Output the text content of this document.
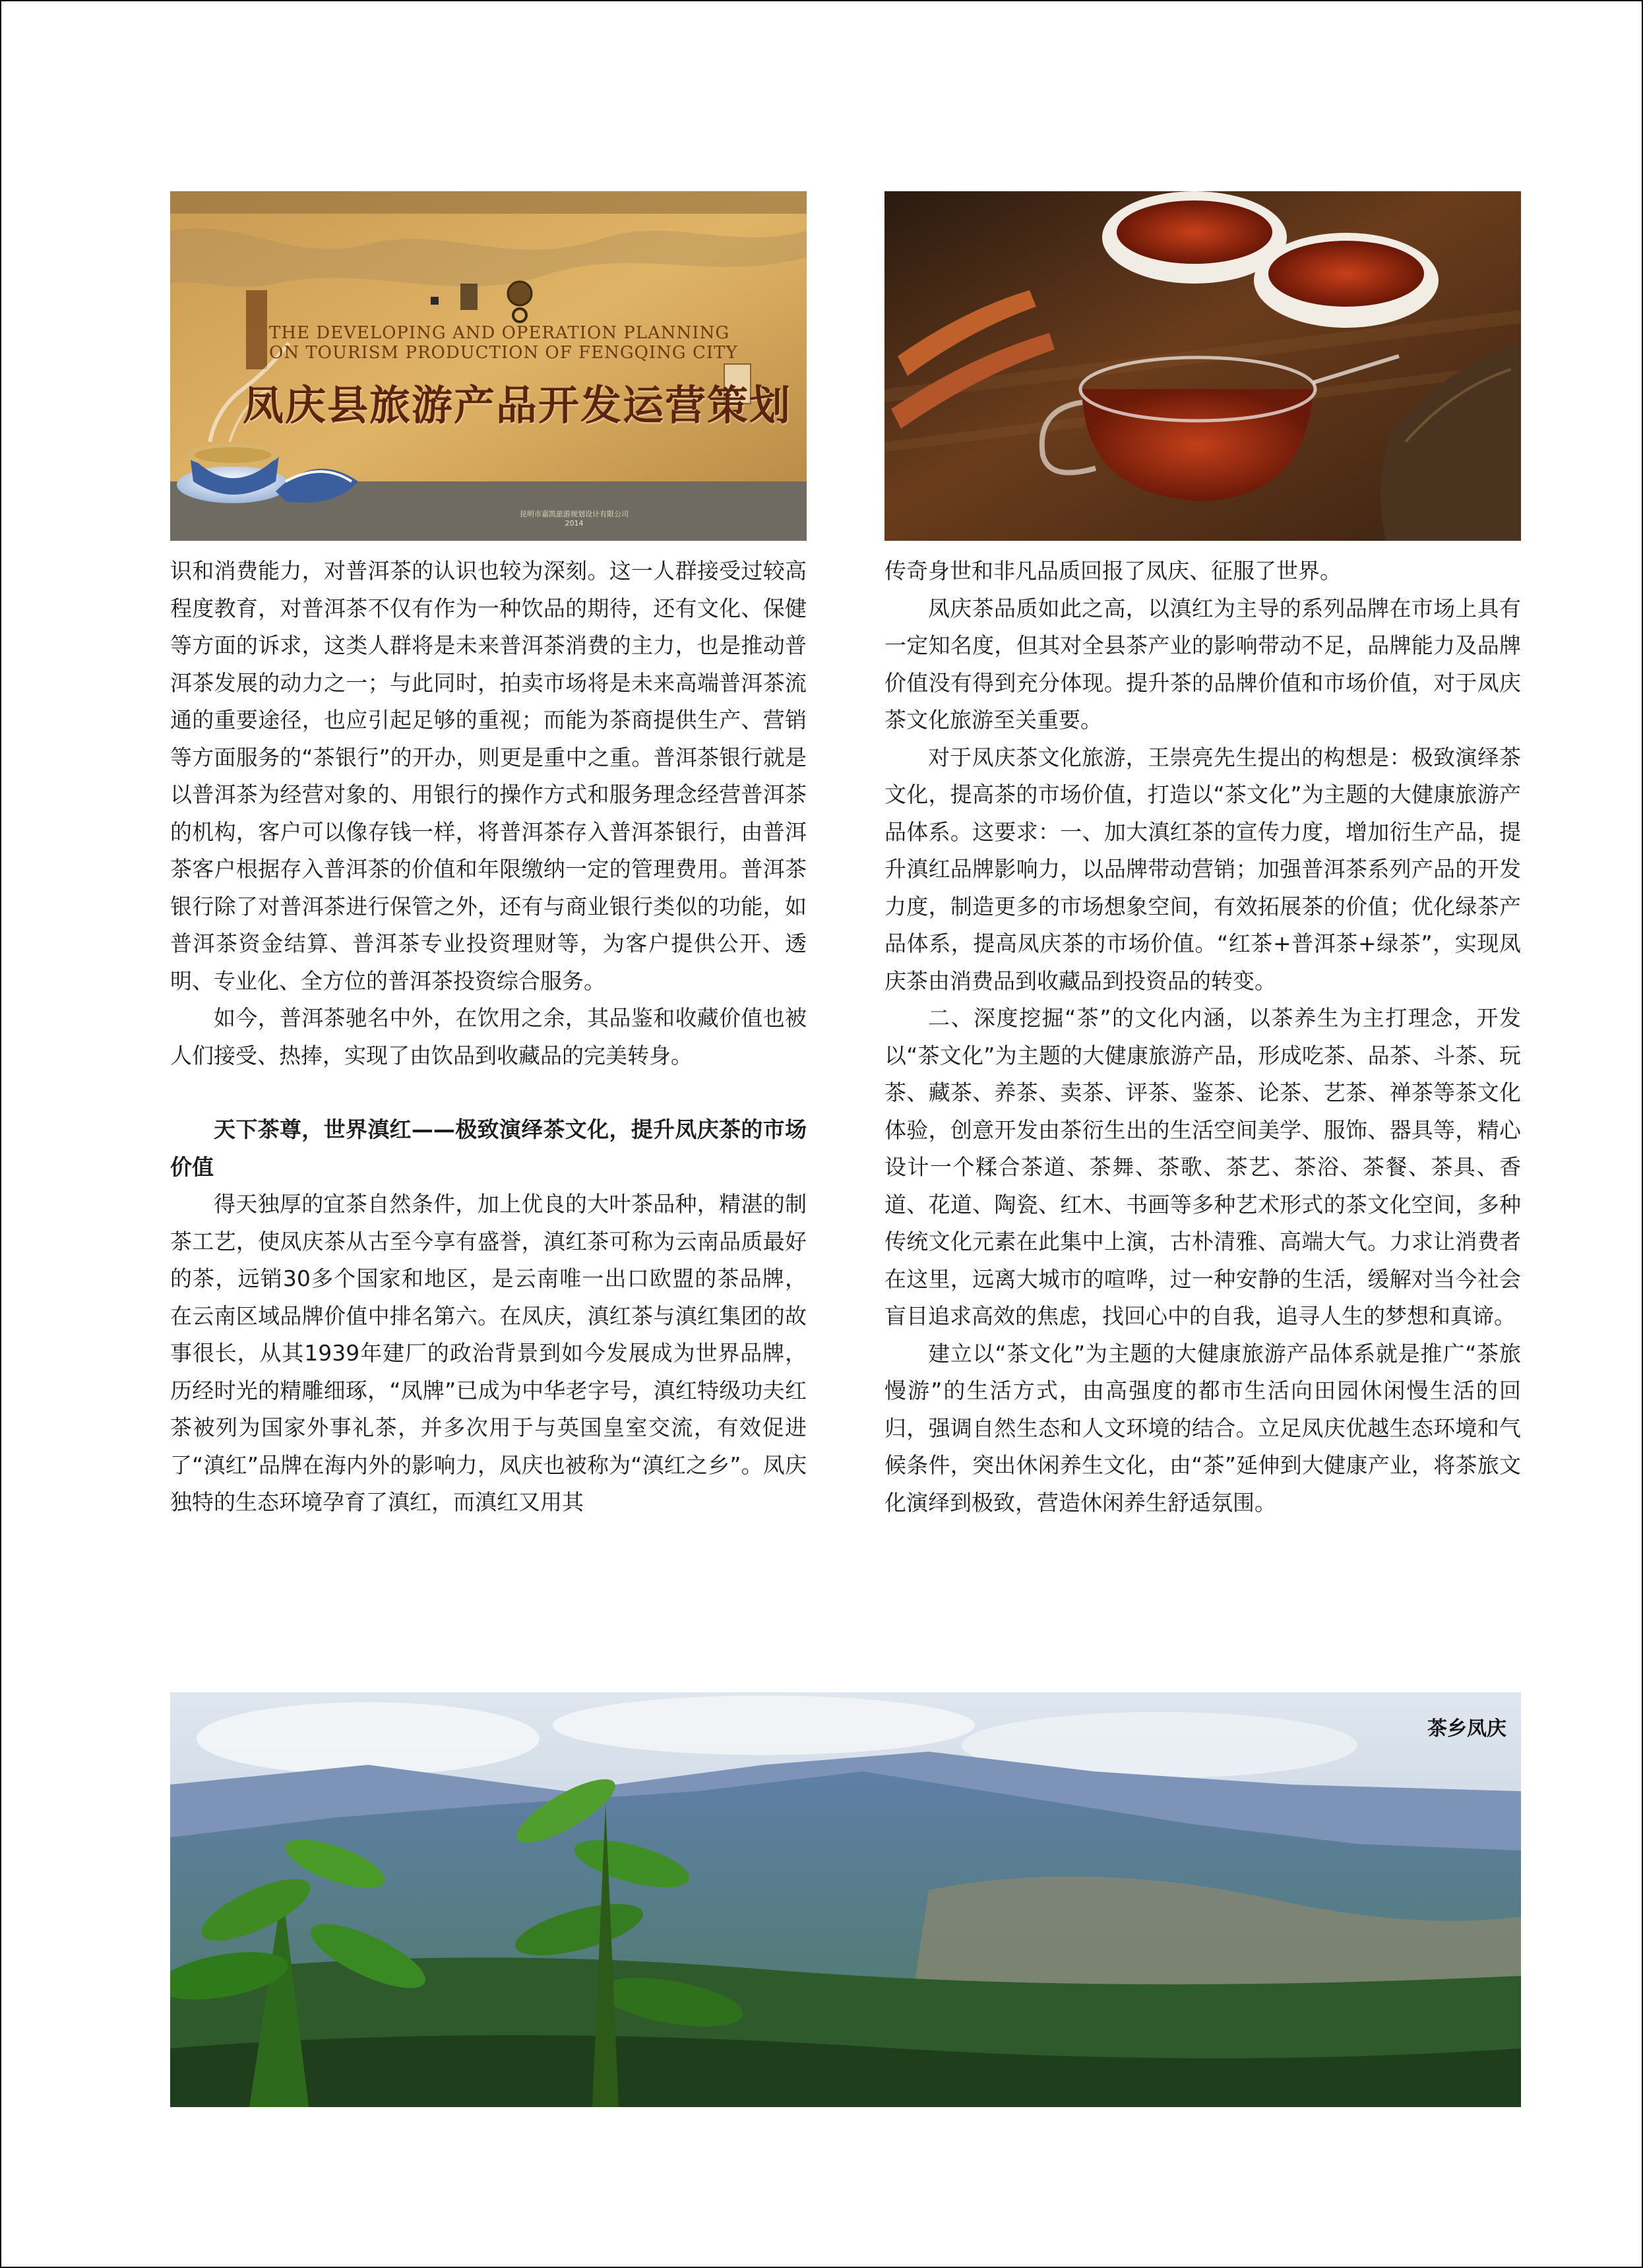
THE DEVELOPING AND OPERATION PLANNING
ON TOURISM PRODUCTION OF FENGQING CITY
凤庆县旅游产品开发运营策划
昆明市嘉凯旅游规划设计有限公司
2014

识和消费能力，对普洱茶的认识也较为深刻。这一人群接受过较高程度教育，对普洱茶不仅有作为一种饮品的期待，还有文化、保健等方面的诉求，这类人群将是未来普洱茶消费的主力，也是推动普洱茶发展的动力之一；与此同时，拍卖市场将是未来高端普洱茶流通的重要途径，也应引起足够的重视；而能为茶商提供生产、营销等方面服务的“茶银行”的开办，则更是重中之重。普洱茶银行就是以普洱茶为经营对象的、用银行的操作方式和服务理念经营普洱茶的机构，客户可以像存钱一样，将普洱茶存入普洱茶银行，由普洱茶客户根据存入普洱茶的价值和年限缴纳一定的管理费用。普洱茶银行除了对普洱茶进行保管之外，还有与商业银行类似的功能，如普洱茶资金结算、普洱茶专业投资理财等，为客户提供公开、透明、专业化、全方位的普洱茶投资综合服务。

如今，普洱茶驰名中外，在饮用之余，其品鉴和收藏价值也被人们接受、热捧，实现了由饮品到收藏品的完美转身。

天下茶尊，世界滇红——极致演绎茶文化，提升凤庆茶的市场价值

得天独厚的宜茶自然条件，加上优良的大叶茶品种，精湛的制茶工艺，使凤庆茶从古至今享有盛誉，滇红茶可称为云南品质最好的茶，远销30多个国家和地区，是云南唯一出口欧盟的茶品牌，在云南区域品牌价值中排名第六。在凤庆，滇红茶与滇红集团的故事很长，从其1939年建厂的政治背景到如今发展成为世界品牌，历经时光的精雕细琢，“凤牌”已成为中华老字号，滇红特级功夫红茶被列为国家外事礼茶，并多次用于与英国皇室交流，有效促进了“滇红”品牌在海内外的影响力，凤庆也被称为“滇红之乡”。凤庆独特的生态环境孕育了滇红，而滇红又用其

传奇身世和非凡品质回报了凤庆、征服了世界。

凤庆茶品质如此之高，以滇红为主导的系列品牌在市场上具有一定知名度，但其对全县茶产业的影响带动不足，品牌能力及品牌价值没有得到充分体现。提升茶的品牌价值和市场价值，对于凤庆茶文化旅游至关重要。

对于凤庆茶文化旅游，王崇亮先生提出的构想是：极致演绎茶文化，提高茶的市场价值，打造以“茶文化”为主题的大健康旅游产品体系。这要求：一、加大滇红茶的宣传力度，增加衍生产品，提升滇红品牌影响力，以品牌带动营销；加强普洱茶系列产品的开发力度，制造更多的市场想象空间，有效拓展茶的价值；优化绿茶产品体系，提高凤庆茶的市场价值。“红茶+普洱茶+绿茶”，实现凤庆茶由消费品到收藏品到投资品的转变。

二、深度挖掘“茶”的文化内涵，以茶养生为主打理念，开发以“茶文化”为主题的大健康旅游产品，形成吃茶、品茶、斗茶、玩茶、藏茶、养茶、卖茶、评茶、鉴茶、论茶、艺茶、禅茶等茶文化体验，创意开发由茶衍生出的生活空间美学、服饰、器具等，精心设计一个糅合茶道、茶舞、茶歌、茶艺、茶浴、茶餐、茶具、香道、花道、陶瓷、红木、书画等多种艺术形式的茶文化空间，多种传统文化元素在此集中上演，古朴清雅、高端大气。力求让消费者在这里，远离大城市的喧哗，过一种安静的生活，缓解对当今社会盲目追求高效的焦虑，找回心中的自我，追寻人生的梦想和真谛。

建立以“茶文化”为主题的大健康旅游产品体系就是推广“茶旅慢游”的生活方式，由高强度的都市生活向田园休闲慢生活的回归，强调自然生态和人文环境的结合。立足凤庆优越生态环境和气候条件，突出休闲养生文化，由“茶”延伸到大健康产业，将茶旅文化演绎到极致，营造休闲养生舒适氛围。

茶乡凤庆
